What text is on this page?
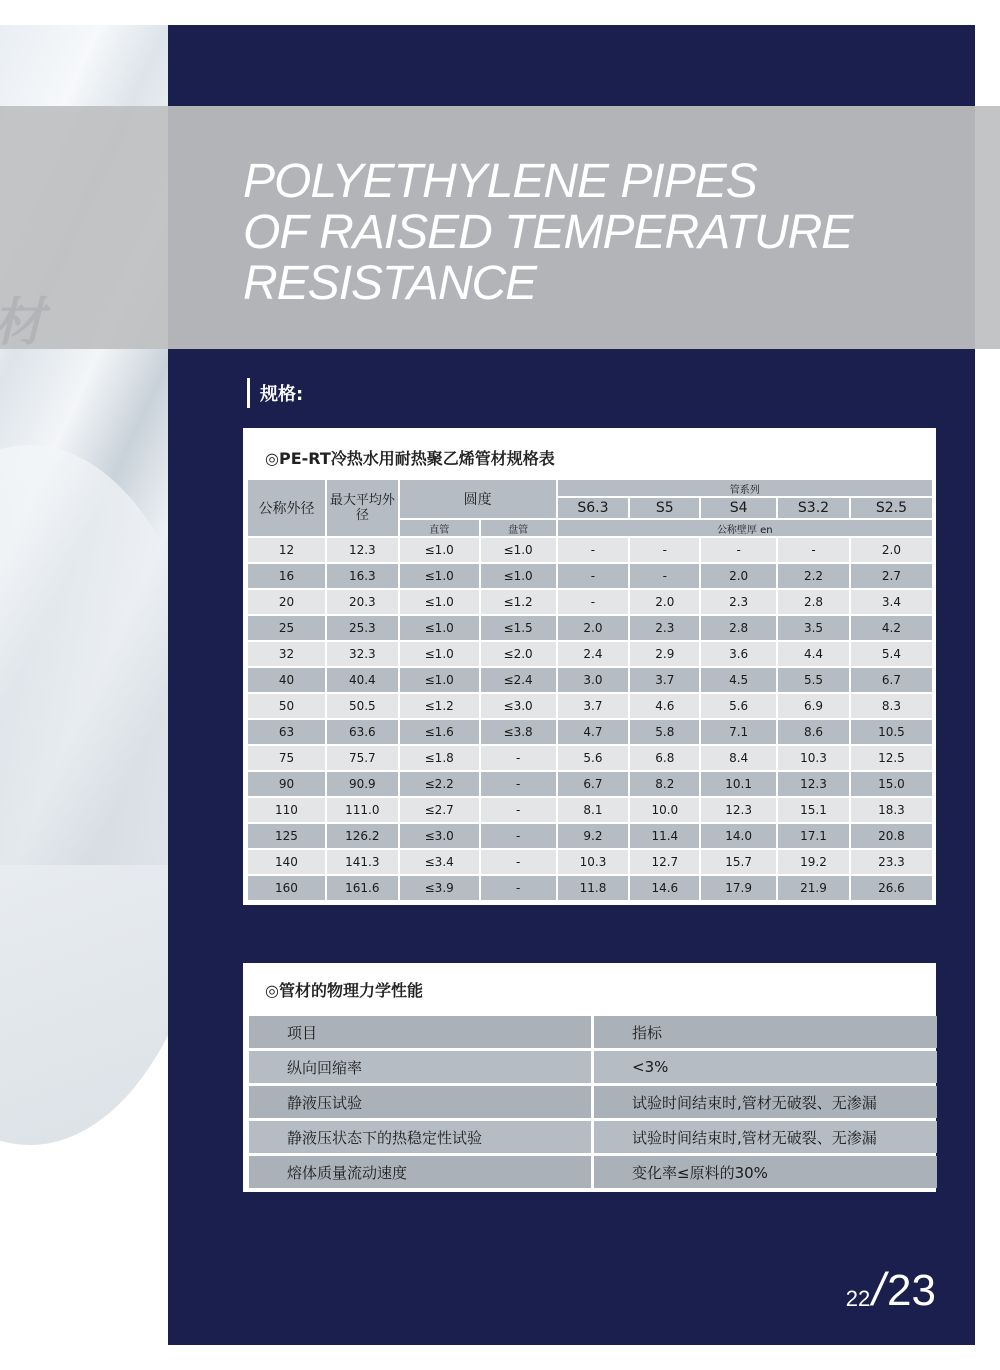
POLYETHYLENE PIPES
OF RAISED TEMPERATURE
RESISTANCE
规格:
◎PE-RT冷热水用耐热聚乙烯管材规格表
公称外径	最大平均外径	圆度		管系列				
				S6.3	S5	S4	S3.2	S2.5
		直管	盘管	公称壁厚 en				
12	12.3	≤1.0	≤1.0	-	-	-	-	2.0
16	16.3	≤1.0	≤1.0	-	-	2.0	2.2	2.7
20	20.3	≤1.0	≤1.2	-	2.0	2.3	2.8	3.4
25	25.3	≤1.0	≤1.5	2.0	2.3	2.8	3.5	4.2
32	32.3	≤1.0	≤2.0	2.4	2.9	3.6	4.4	5.4
40	40.4	≤1.0	≤2.4	3.0	3.7	4.5	5.5	6.7
50	50.5	≤1.2	≤3.0	3.7	4.6	5.6	6.9	8.3
63	63.6	≤1.6	≤3.8	4.7	5.8	7.1	8.6	10.5
75	75.7	≤1.8	-	5.6	6.8	8.4	10.3	12.5
90	90.9	≤2.2	-	6.7	8.2	10.1	12.3	15.0
110	111.0	≤2.7	-	8.1	10.0	12.3	15.1	18.3
125	126.2	≤3.0	-	9.2	11.4	14.0	17.1	20.8
140	141.3	≤3.4	-	10.3	12.7	15.7	19.2	23.3
160	161.6	≤3.9	-	11.8	14.6	17.9	21.9	26.6
◎管材的物理力学性能
项目	指标
纵向回缩率	<3%
静液压试验	试验时间结束时,管材无破裂、无渗漏
静液压状态下的热稳定性试验	试验时间结束时,管材无破裂、无渗漏
熔体质量流动速度	变化率≤原料的30%
22 / 23
